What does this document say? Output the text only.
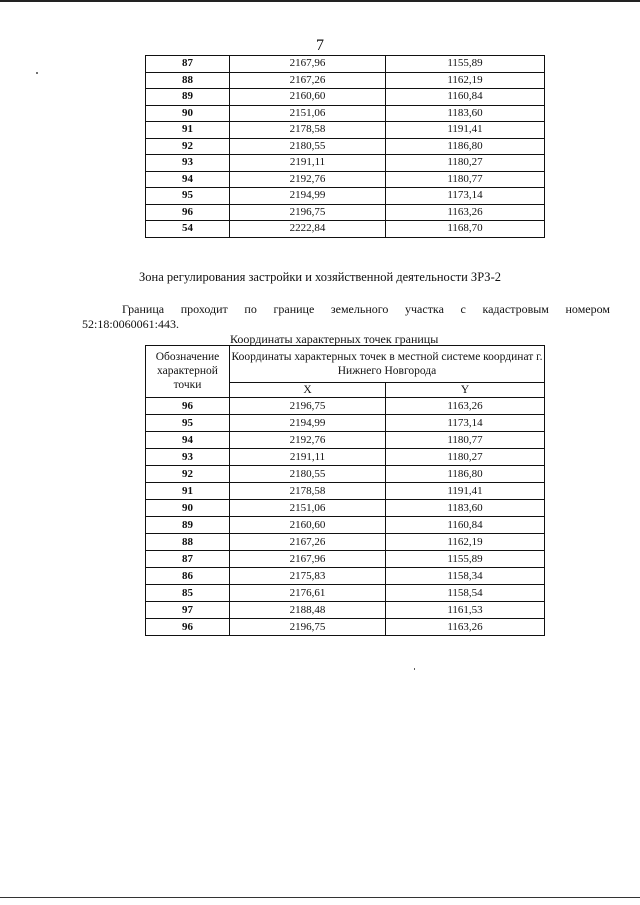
7
87	2167,96	1155,89
88	2167,26	1162,19
89	2160,60	1160,84
90	2151,06	1183,60
91	2178,58	1191,41
92	2180,55	1186,80
93	2191,11	1180,27
94	2192,76	1180,77
95	2194,99	1173,14
96	2196,75	1163,26
54	2222,84	1168,70
Зона регулирования застройки и хозяйственной деятельности ЗРЗ-2
Граница проходит по границе земельного участка с кадастровым номером
52:18:0060061:443.
Координаты характерных точек границы
Обозначение характерной точки	Координаты характерных точек в местной системе координат г. Нижнего Новгорода	
	X	Y
96	2196,75	1163,26
95	2194,99	1173,14
94	2192,76	1180,77
93	2191,11	1180,27
92	2180,55	1186,80
91	2178,58	1191,41
90	2151,06	1183,60
89	2160,60	1160,84
88	2167,26	1162,19
87	2167,96	1155,89
86	2175,83	1158,34
85	2176,61	1158,54
97	2188,48	1161,53
96	2196,75	1163,26
